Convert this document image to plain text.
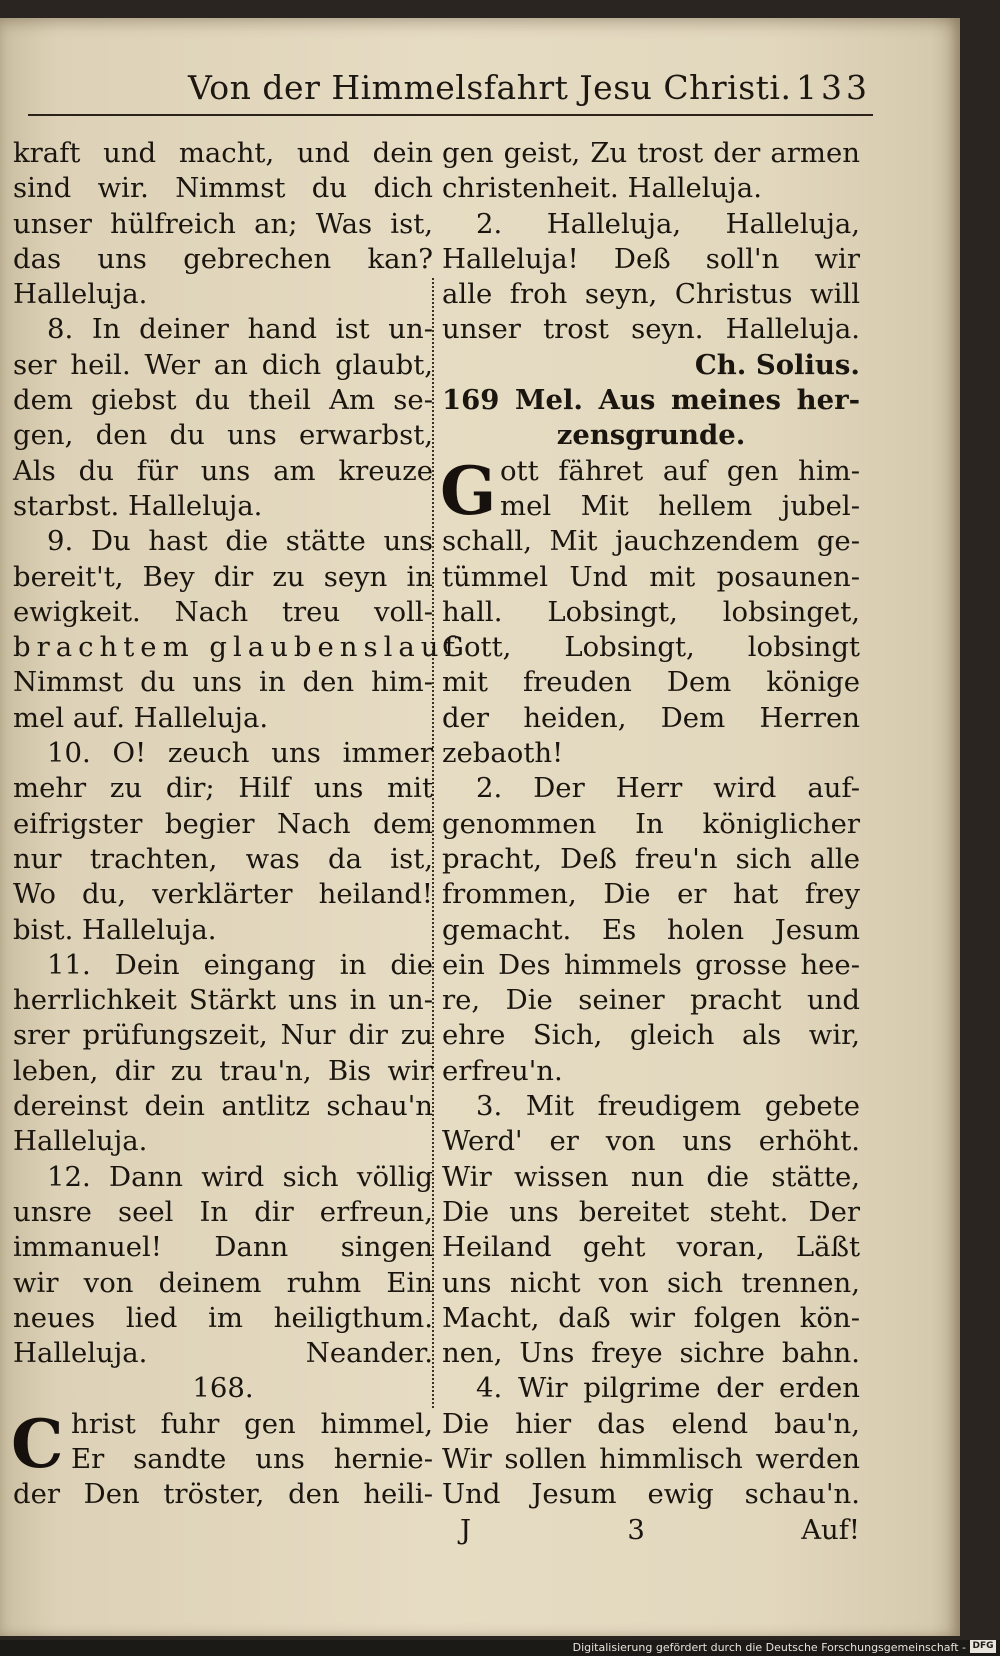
Von der Himmelsfahrt Jesu Christi. 133
kraft und macht, und dein
sind wir. Nimmst du dich
unser hülfreich an; Was ist,
das uns gebrechen kan?
Halleluja.
8. In deiner hand ist un-
ser heil. Wer an dich glaubt,
dem giebst du theil Am se-
gen, den du uns erwarbst,
Als du für uns am kreuze
starbst. Halleluja.
9. Du hast die stätte uns
bereit't, Bey dir zu seyn in
ewigkeit. Nach treu voll-
brachtem glaubenslauf
Nimmst du uns in den him-
mel auf. Halleluja.
10. O! zeuch uns immer
mehr zu dir; Hilf uns mit
eifrigster begier Nach dem
nur trachten, was da ist,
Wo du, verklärter heiland!
bist. Halleluja.
11. Dein eingang in die
herrlichkeit Stärkt uns in un-
srer prüfungszeit, Nur dir zu
leben, dir zu trau'n, Bis wir
dereinst dein antlitz schau'n
Halleluja.
12. Dann wird sich völlig
unsre seel In dir erfreun,
immanuel! Dann singen
wir von deinem ruhm Ein
neues lied im heiligthum.
Halleluja. Neander.
168.
C hrist fuhr gen himmel,
Er sandte uns hernie-
der Den tröster, den heili-
gen geist, Zu trost der armen
christenheit. Halleluja.
2. Halleluja, Halleluja,
Halleluja! Deß soll'n wir
alle froh seyn, Christus will
unser trost seyn. Halleluja.
Ch. Solius.
169 Mel. Aus meines her-
zensgrunde.
G ott fähret auf gen him-
mel Mit hellem jubel-
schall, Mit jauchzendem ge-
tümmel Und mit posaunen-
hall. Lobsingt, lobsinget,
Gott, Lobsingt, lobsingt
mit freuden Dem könige
der heiden, Dem Herren
zebaoth!
2. Der Herr wird auf-
genommen In königlicher
pracht, Deß freu'n sich alle
frommen, Die er hat frey
gemacht. Es holen Jesum
ein Des himmels grosse hee-
re, Die seiner pracht und
ehre Sich, gleich als wir,
erfreu'n.
3. Mit freudigem gebete
Werd' er von uns erhöht.
Wir wissen nun die stätte,
Die uns bereitet steht. Der
Heiland geht voran, Läßt
uns nicht von sich trennen,
Macht, daß wir folgen kön-
nen, Uns freye sichre bahn.
4. Wir pilgrime der erden
Die hier das elend bau'n,
Wir sollen himmlisch werden
Und Jesum ewig schau'n.
J 3	Auf!
Digitalisierung gefördert durch die Deutsche Forschungsgemeinschaft - DFG
